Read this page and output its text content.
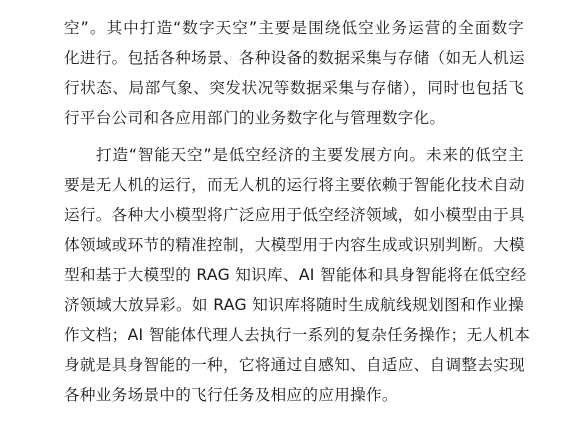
空”。其中打造“数字天空”主要是围绕低空业务运营的全面数字
化进行。包括各种场景、各种设备的数据采集与存储（如无人机运
行状态、局部气象、突发状况等数据采集与存储），同时也包括飞
行平台公司和各应用部门的业务数字化与管理数字化。
打造“智能天空”是低空经济的主要发展方向。未来的低空主
要是无人机的运行，而无人机的运行将主要依赖于智能化技术自动
运行。各种大小模型将广泛应用于低空经济领域，如小模型由于具
体领域或环节的精准控制，大模型用于内容生成或识别判断。大模
型和基于大模型的 RAG 知识库、AI 智能体和具身智能将在低空经
济领域大放异彩。如 RAG 知识库将随时生成航线规划图和作业操
作文档；AI 智能体代理人去执行一系列的复杂任务操作；无人机本
身就是具身智能的一种，它将通过自感知、自适应、自调整去实现
各种业务场景中的飞行任务及相应的应用操作。
